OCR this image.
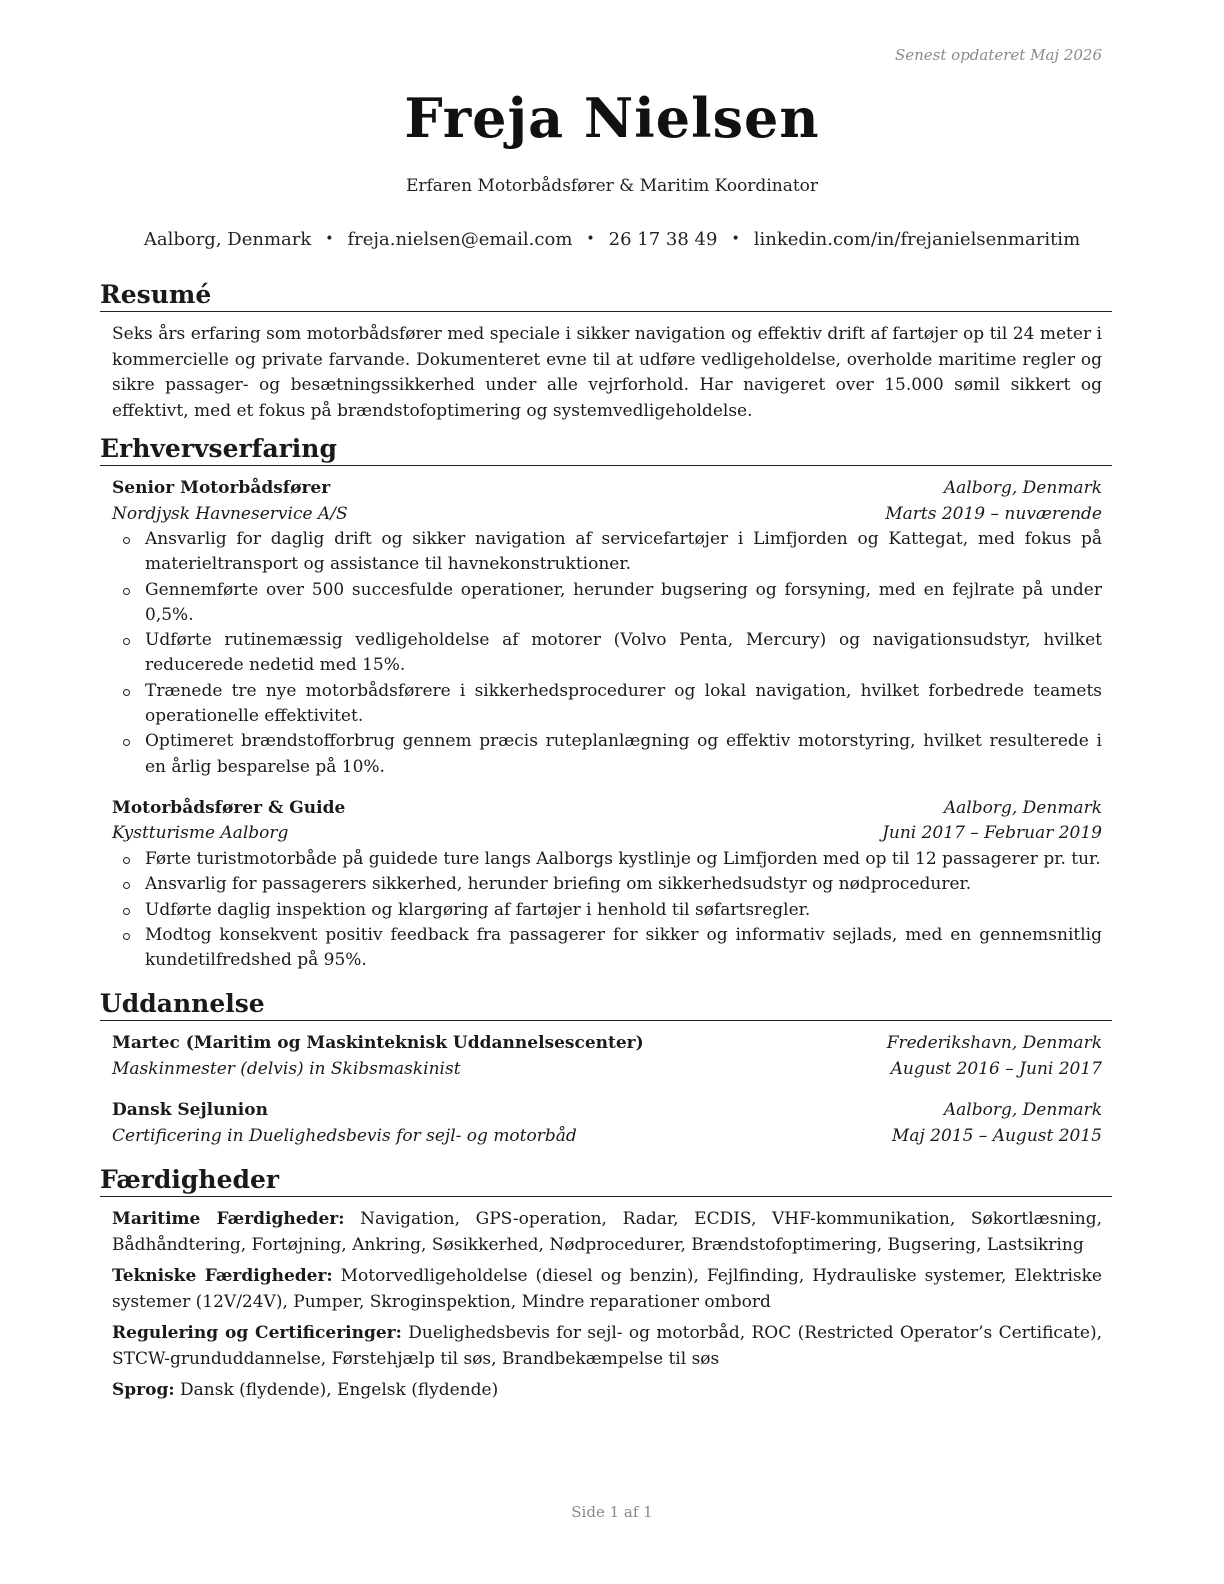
Senest opdateret Maj 2026
Freja Nielsen
Erfaren Motorbådsfører & Maritim Koordinator
Aalborg, Denmark • freja.nielsen@email.com • 26 17 38 49 • linkedin.com/in/frejanielsenmaritim
Resumé
Seks års erfaring som motorbådsfører med speciale i sikker navigation og effektiv drift af fartøjer op til 24 meter i kommercielle og private farvande. Dokumenteret evne til at udføre vedligeholdelse, overholde maritime regler og sikre passager- og besætningssikkerhed under alle vejrforhold. Har navigeret over 15.000 sømil sikkert og effektivt, med et fokus på brændstofoptimering og systemvedligeholdelse.
Erhvervserfaring
Senior Motorbådsfører	Aalborg, Denmark
Nordjysk Havneservice A/S	Marts 2019 – nuværende
Ansvarlig for daglig drift og sikker navigation af servicefartøjer i Limfjorden og Kattegat, med fokus på materieltransport og assistance til havnekonstruktioner.
Gennemførte over 500 succesfulde operationer, herunder bugsering og forsyning, med en fejlrate på under 0,5%.
Udførte rutinemæssig vedligeholdelse af motorer (Volvo Penta, Mercury) og navigationsudstyr, hvilket reducerede nedetid med 15%.
Trænede tre nye motorbådsførere i sikkerhedsprocedurer og lokal navigation, hvilket forbedrede teamets operationelle effektivitet.
Optimeret brændstofforbrug gennem præcis ruteplanlægning og effektiv motorstyring, hvilket resulterede i en årlig besparelse på 10%.
Motorbådsfører & Guide	Aalborg, Denmark
Kystturisme Aalborg	Juni 2017 – Februar 2019
Førte turistmotorbåde på guidede ture langs Aalborgs kystlinje og Limfjorden med op til 12 passagerer pr. tur.
Ansvarlig for passagerers sikkerhed, herunder briefing om sikkerhedsudstyr og nødprocedurer.
Udførte daglig inspektion og klargøring af fartøjer i henhold til søfartsregler.
Modtog konsekvent positiv feedback fra passagerer for sikker og informativ sejlads, med en gennemsnitlig kundetilfredshed på 95%.
Uddannelse
Martec (Maritim og Maskinteknisk Uddannelsescenter)	Frederikshavn, Denmark
Maskinmester (delvis) in Skibsmaskinist	August 2016 – Juni 2017
Dansk Sejlunion	Aalborg, Denmark
Certificering in Duelighedsbevis for sejl- og motorbåd	Maj 2015 – August 2015
Færdigheder
Maritime Færdigheder: Navigation, GPS-operation, Radar, ECDIS, VHF-kommunikation, Søkortlæsning, Bådhåndtering, Fortøjning, Ankring, Søsikkerhed, Nødprocedurer, Brændstofoptimering, Bugsering, Lastsikring
Tekniske Færdigheder: Motorvedligeholdelse (diesel og benzin), Fejlfinding, Hydrauliske systemer, Elektriske systemer (12V/24V), Pumper, Skroginspektion, Mindre reparationer ombord
Regulering og Certificeringer: Duelighedsbevis for sejl- og motorbåd, ROC (Restricted Operator’s Certificate), STCW-grunduddannelse, Førstehjælp til søs, Brandbekæmpelse til søs
Sprog: Dansk (flydende), Engelsk (flydende)
Side 1 af 1
